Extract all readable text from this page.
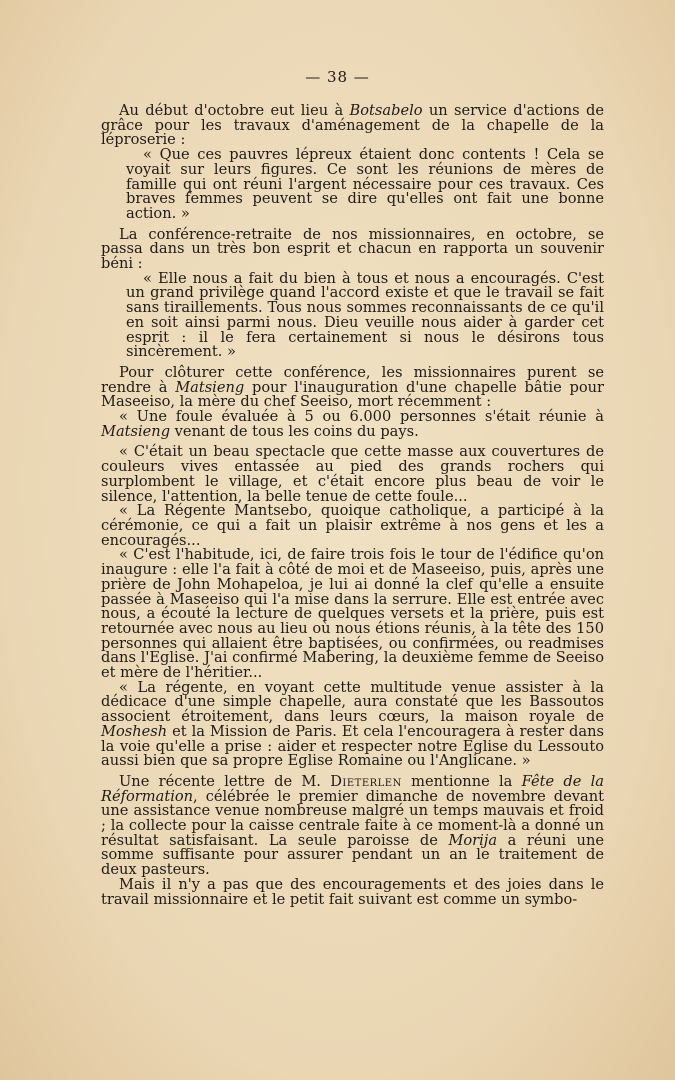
— 38 —

Au début d'octobre eut lieu à Botsabelo un service d'actions de grâce pour les travaux d'aménagement de la chapelle de la léproserie :

« Que ces pauvres lépreux étaient donc contents ! Cela se voyait sur leurs figures. Ce sont les réunions de mères de famille qui ont réuni l'argent nécessaire pour ces travaux. Ces braves femmes peuvent se dire qu'elles ont fait une bonne action. »

La conférence-retraite de nos missionnaires, en octobre, se passa dans un très bon esprit et chacun en rapporta un souvenir béni :

« Elle nous a fait du bien à tous et nous a encouragés. C'est un grand privilège quand l'accord existe et que le travail se fait sans tiraillements. Tous nous sommes reconnaissants de ce qu'il en soit ainsi parmi nous. Dieu veuille nous aider à garder cet esprit : il le fera certainement si nous le désirons tous sincèrement. »

Pour clôturer cette conférence, les missionnaires purent se rendre à Matsieng pour l'inauguration d'une chapelle bâtie pour Maseeiso, la mère du chef Seeiso, mort récemment :

« Une foule évaluée à 5 ou 6.000 personnes s'était réunie à Matsieng venant de tous les coins du pays.

« C'était un beau spectacle que cette masse aux couvertures de couleurs vives entassée au pied des grands rochers qui surplombent le village, et c'était encore plus beau de voir le silence, l'attention, la belle tenue de cette foule...

« La Régente Mantsebo, quoique catholique, a participé à la cérémonie, ce qui a fait un plaisir extrême à nos gens et les a encouragés...

« C'est l'habitude, ici, de faire trois fois le tour de l'édifice qu'on inaugure : elle l'a fait à côté de moi et de Maseeiso, puis, après une prière de John Mohapeloa, je lui ai donné la clef qu'elle a ensuite passée à Maseeiso qui l'a mise dans la serrure. Elle est entrée avec nous, a écouté la lecture de quelques versets et la prière, puis est retournée avec nous au lieu où nous étions réunis, à la tête des 150 personnes qui allaient être baptisées, ou confirmées, ou readmises dans l'Eglise. J'ai confirmé Mabering, la deuxième femme de Seeiso et mère de l'héritier...

« La régente, en voyant cette multitude venue assister à la dédicace d'une simple chapelle, aura constaté que les Bassoutos associent étroitement, dans leurs cœurs, la maison royale de Moshesh et la Mission de Paris. Et cela l'encouragera à rester dans la voie qu'elle a prise : aider et respecter notre Eglise du Lessouto aussi bien que sa propre Eglise Romaine ou l'Anglicane. »

Une récente lettre de M. Dieterlen mentionne la Fête de la Réformation, célébrée le premier dimanche de novembre devant une assistance venue nombreuse malgré un temps mauvais et froid ; la collecte pour la caisse centrale faite à ce moment-là a donné un résultat satisfaisant. La seule paroisse de Morija a réuni une somme suffisante pour assurer pendant un an le traitement de deux pasteurs.

Mais il n'y a pas que des encouragements et des joies dans le travail missionnaire et le petit fait suivant est comme un symbo-
